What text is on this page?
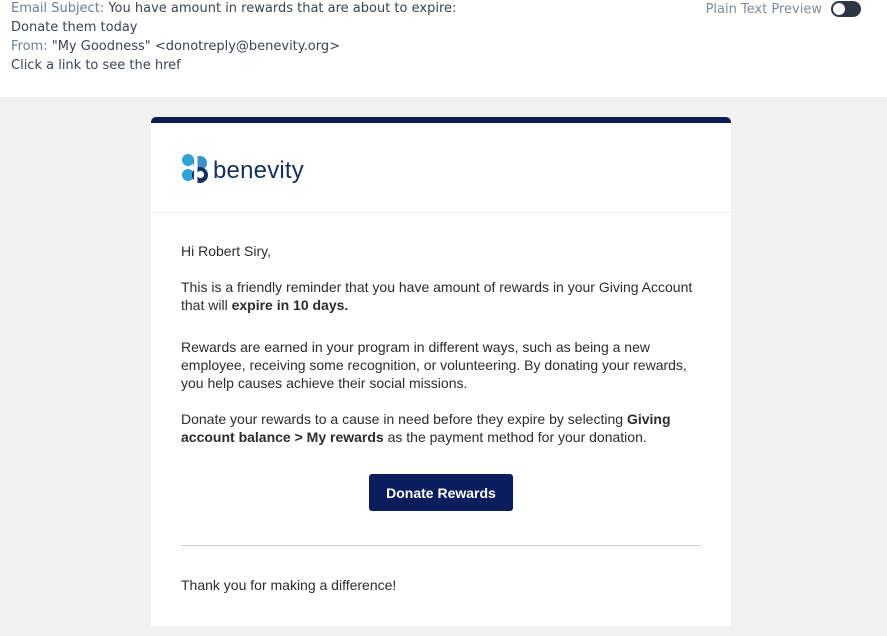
Email Subject: You have amount in rewards that are about to expire:
Donate them today
From: "My Goodness" <donotreply@benevity.org>
Click a link to see the href
Plain Text Preview
benevity
Hi Robert Siry,
This is a friendly reminder that you have amount of rewards in your Giving Account
that will expire in 10 days.
Rewards are earned in your program in different ways, such as being a new
employee, receiving some recognition, or volunteering. By donating your rewards,
you help causes achieve their social missions.
Donate your rewards to a cause in need before they expire by selecting Giving
account balance > My rewards as the payment method for your donation.
Donate Rewards
Thank you for making a difference!
